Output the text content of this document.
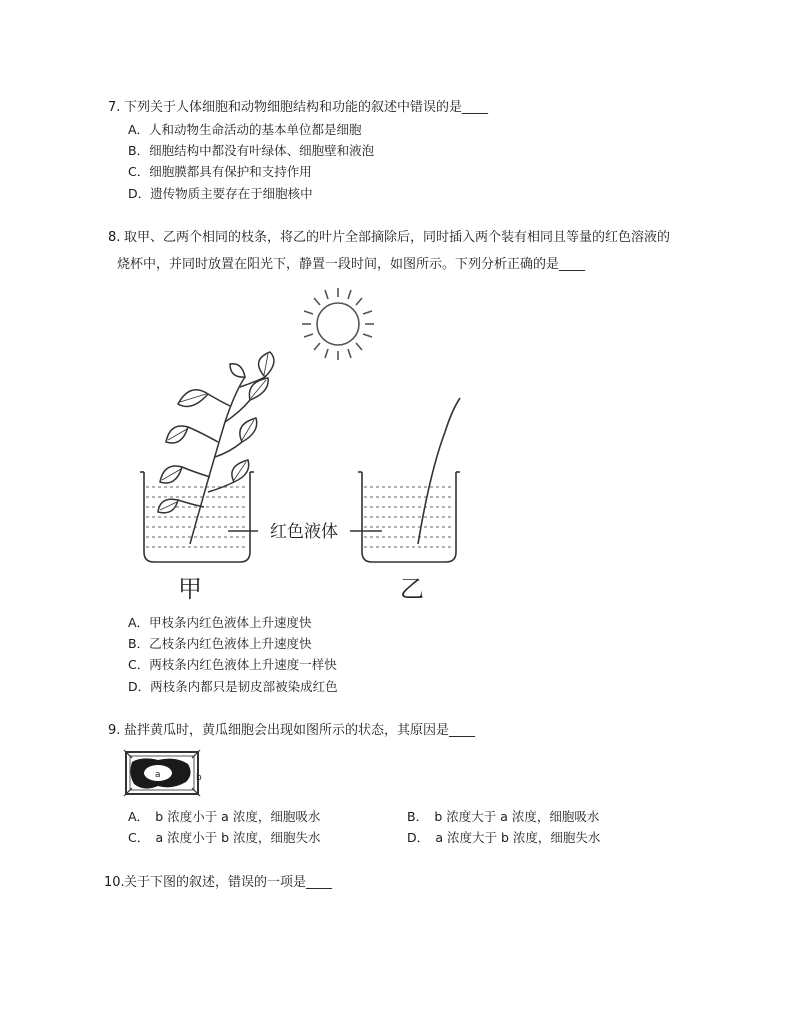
7. 下列关于人体细胞和动物细胞结构和功能的叙述中错误的是____
A．人和动物生命活动的基本单位都是细胞
B．细胞结构中都没有叶绿体、细胞壁和液泡
C．细胞膜都具有保护和支持作用
D．遗传物质主要存在于细胞核中
8. 取甲、乙两个相同的枝条，将乙的叶片全部摘除后，同时插入两个装有相同且等量的红色溶液的
烧杯中，并同时放置在阳光下，静置一段时间，如图所示。下列分析正确的是____
红色液体
甲	乙
A．甲枝条内红色液体上升速度快
B．乙枝条内红色液体上升速度快
C．两枝条内红色液体上升速度一样快
D．两枝条内都只是韧皮部被染成红色
9. 盐拌黄瓜时，黄瓜细胞会出现如图所示的状态，其原因是____
a	b
A．　b 浓度小于 a 浓度，细胞吸水	B．　b 浓度大于 a 浓度，细胞吸水
C．　a 浓度小于 b 浓度，细胞失水	D．　a 浓度大于 b 浓度，细胞失水
10. 关于下图的叙述，错误的一项是____
